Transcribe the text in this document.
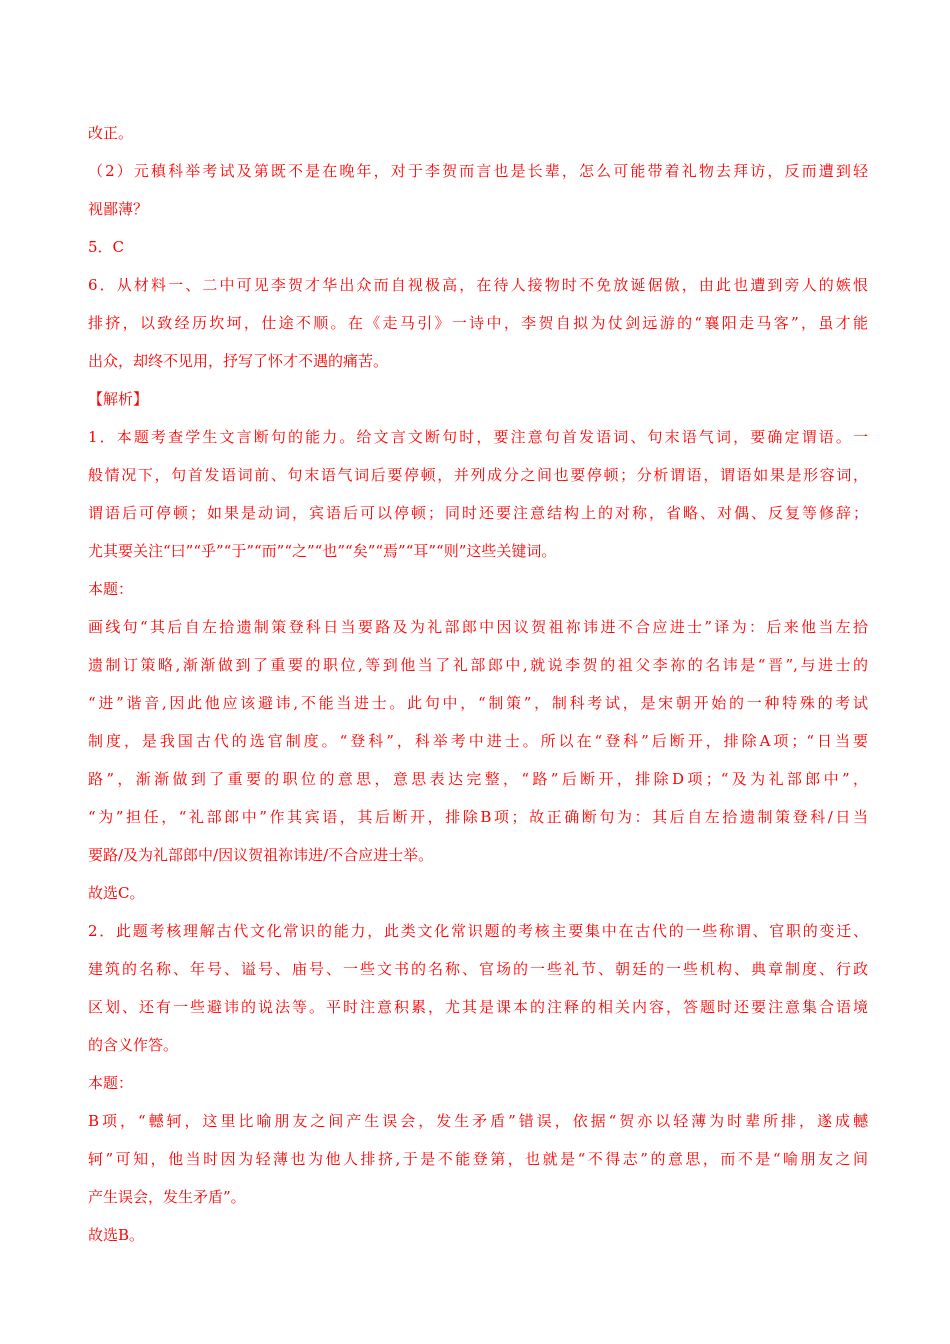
改正。
（2）元稹科举考试及第既不是在晚年，对于李贺而言也是长辈，怎么可能带着礼物去拜访，反而遭到轻
视鄙薄？
5．C
6．从材料一、二中可见李贺才华出众而自视极高，在待人接物时不免放诞倨傲，由此也遭到旁人的嫉恨
排挤，以致经历坎坷，仕途不顺。在《走马引》一诗中，李贺自拟为仗剑远游的“襄阳走马客”，虽才能
出众，却终不见用，抒写了怀才不遇的痛苦。
【解析】
1．本题考查学生文言断句的能力。给文言文断句时，要注意句首发语词、句末语气词，要确定谓语。一
般情况下，句首发语词前、句末语气词后要停顿，并列成分之间也要停顿；分析谓语，谓语如果是形容词，
谓语后可停顿；如果是动词，宾语后可以停顿；同时还要注意结构上的对称，省略、对偶、反复等修辞；
尤其要关注“曰”“乎”“于”“而”“之”“也”“矣”“焉”“耳”“则”这些关键词。
本题：
画线句“其后自左拾遗制策登科日当要路及为礼部郎中因议贺祖祢讳进不合应进士”译为：后来他当左拾
遗制订策略,渐渐做到了重要的职位,等到他当了礼部郎中,就说李贺的祖父李祢的名讳是“晋”,与进士的
“进”谐音,因此他应该避讳,不能当进士。此句中，“制策”，制科考试，是宋朝开始的一种特殊的考试
制度，是我国古代的选官制度。“登科”，科举考中进士。所以在“登科”后断开，排除A项；“日当要
路”，渐渐做到了重要的职位的意思，意思表达完整，“路”后断开，排除D项；“及为礼部郎中”，
“为”担任，“礼部郎中”作其宾语，其后断开，排除B项；故正确断句为：其后自左拾遗制策登科/日当
要路/及为礼部郎中/因议贺祖祢讳进/不合应进士举。
故选C。
2．此题考核理解古代文化常识的能力，此类文化常识题的考核主要集中在古代的一些称谓、官职的变迁、
建筑的名称、年号、谥号、庙号、一些文书的名称、官场的一些礼节、朝廷的一些机构、典章制度、行政
区划、还有一些避讳的说法等。平时注意积累，尤其是课本的注释的相关内容，答题时还要注意集合语境
的含义作答。
本题：
B项，“轗轲，这里比喻朋友之间产生误会，发生矛盾”错误，依据“贺亦以轻薄为时辈所排，遂成轗
轲”可知，他当时因为轻薄也为他人排挤,于是不能登第，也就是“不得志”的意思，而不是“喻朋友之间
产生误会，发生矛盾”。
故选B。
